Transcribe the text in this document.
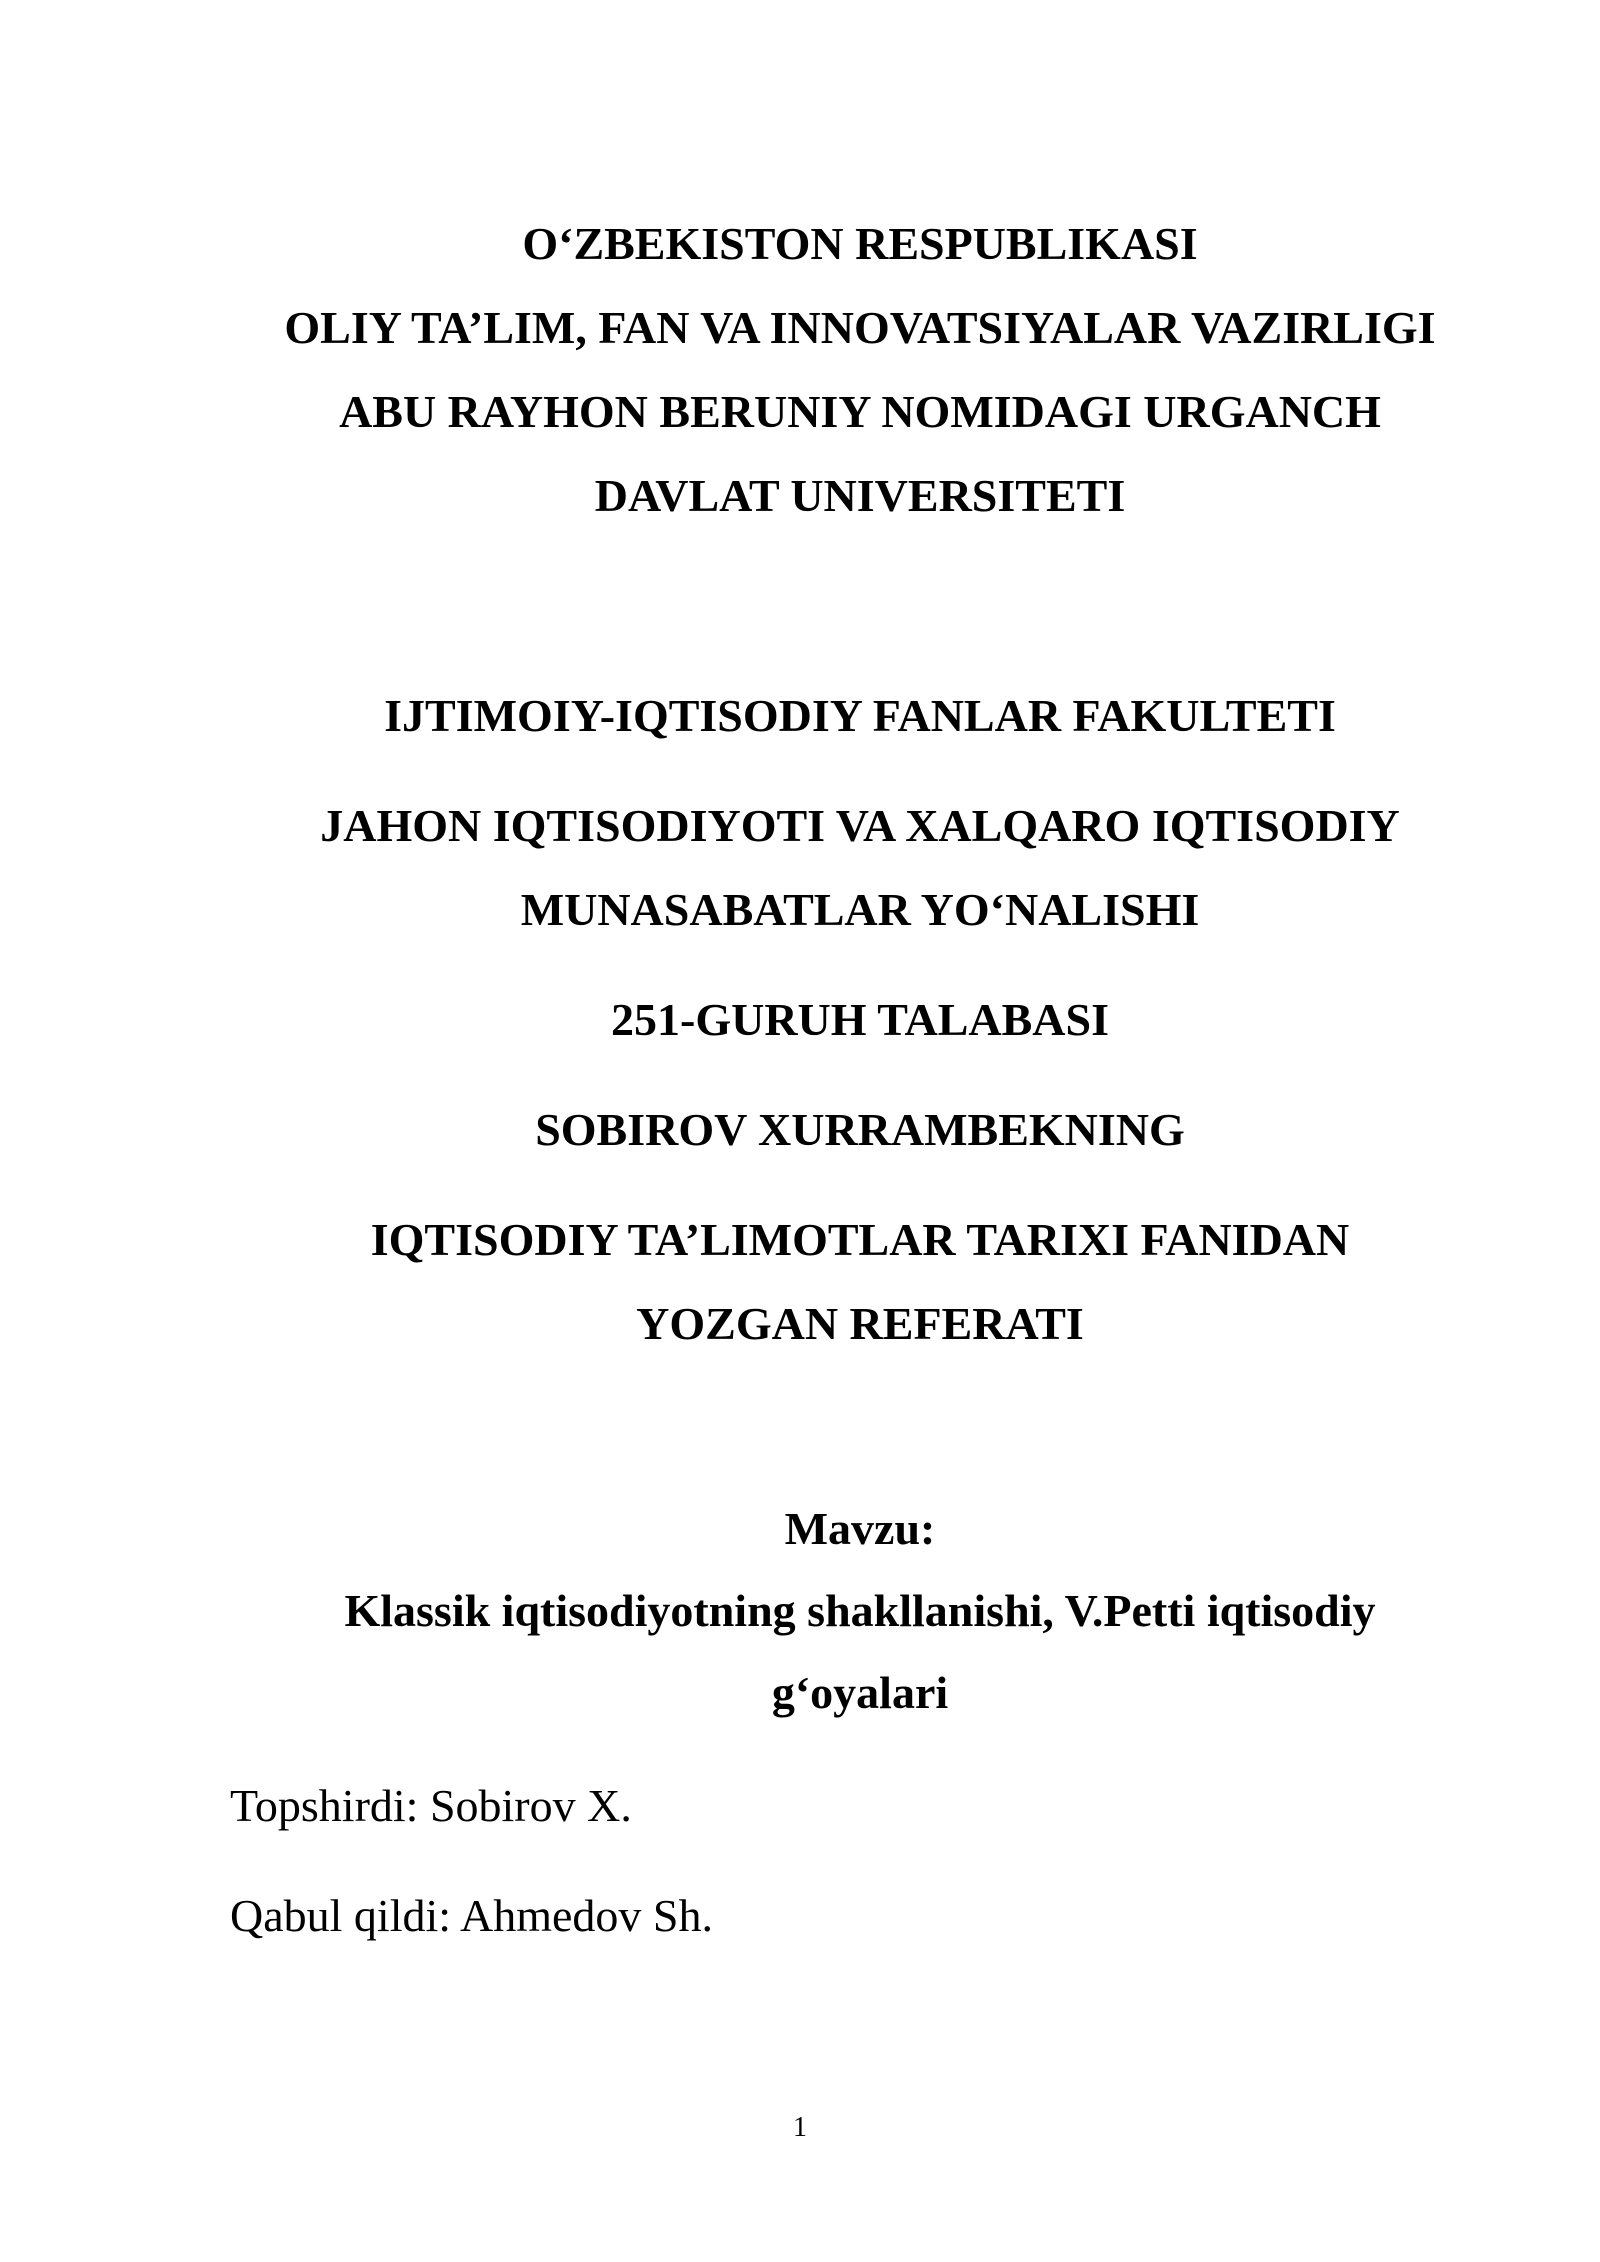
O‘ZBEKISTON RESPUBLIKASI
OLIY TA’LIM, FAN VA INNOVATSIYALAR VAZIRLIGI
ABU RAYHON BERUNIY NOMIDAGI URGANCH
DAVLAT UNIVERSITETI
IJTIMOIY-IQTISODIY FANLAR FAKULTETI
JAHON IQTISODIYOTI VA XALQARO IQTISODIY
MUNASABATLAR YO‘NALISHI
251-GURUH TALABASI
SOBIROV XURRAMBEKNING
IQTISODIY TA’LIMOTLAR TARIXI FANIDAN
YOZGAN REFERATI
Mavzu:
Klassik iqtisodiyotning shakllanishi, V.Petti iqtisodiy
g‘oyalari
Topshirdi: Sobirov X.
Qabul qildi: Ahmedov Sh.
1
